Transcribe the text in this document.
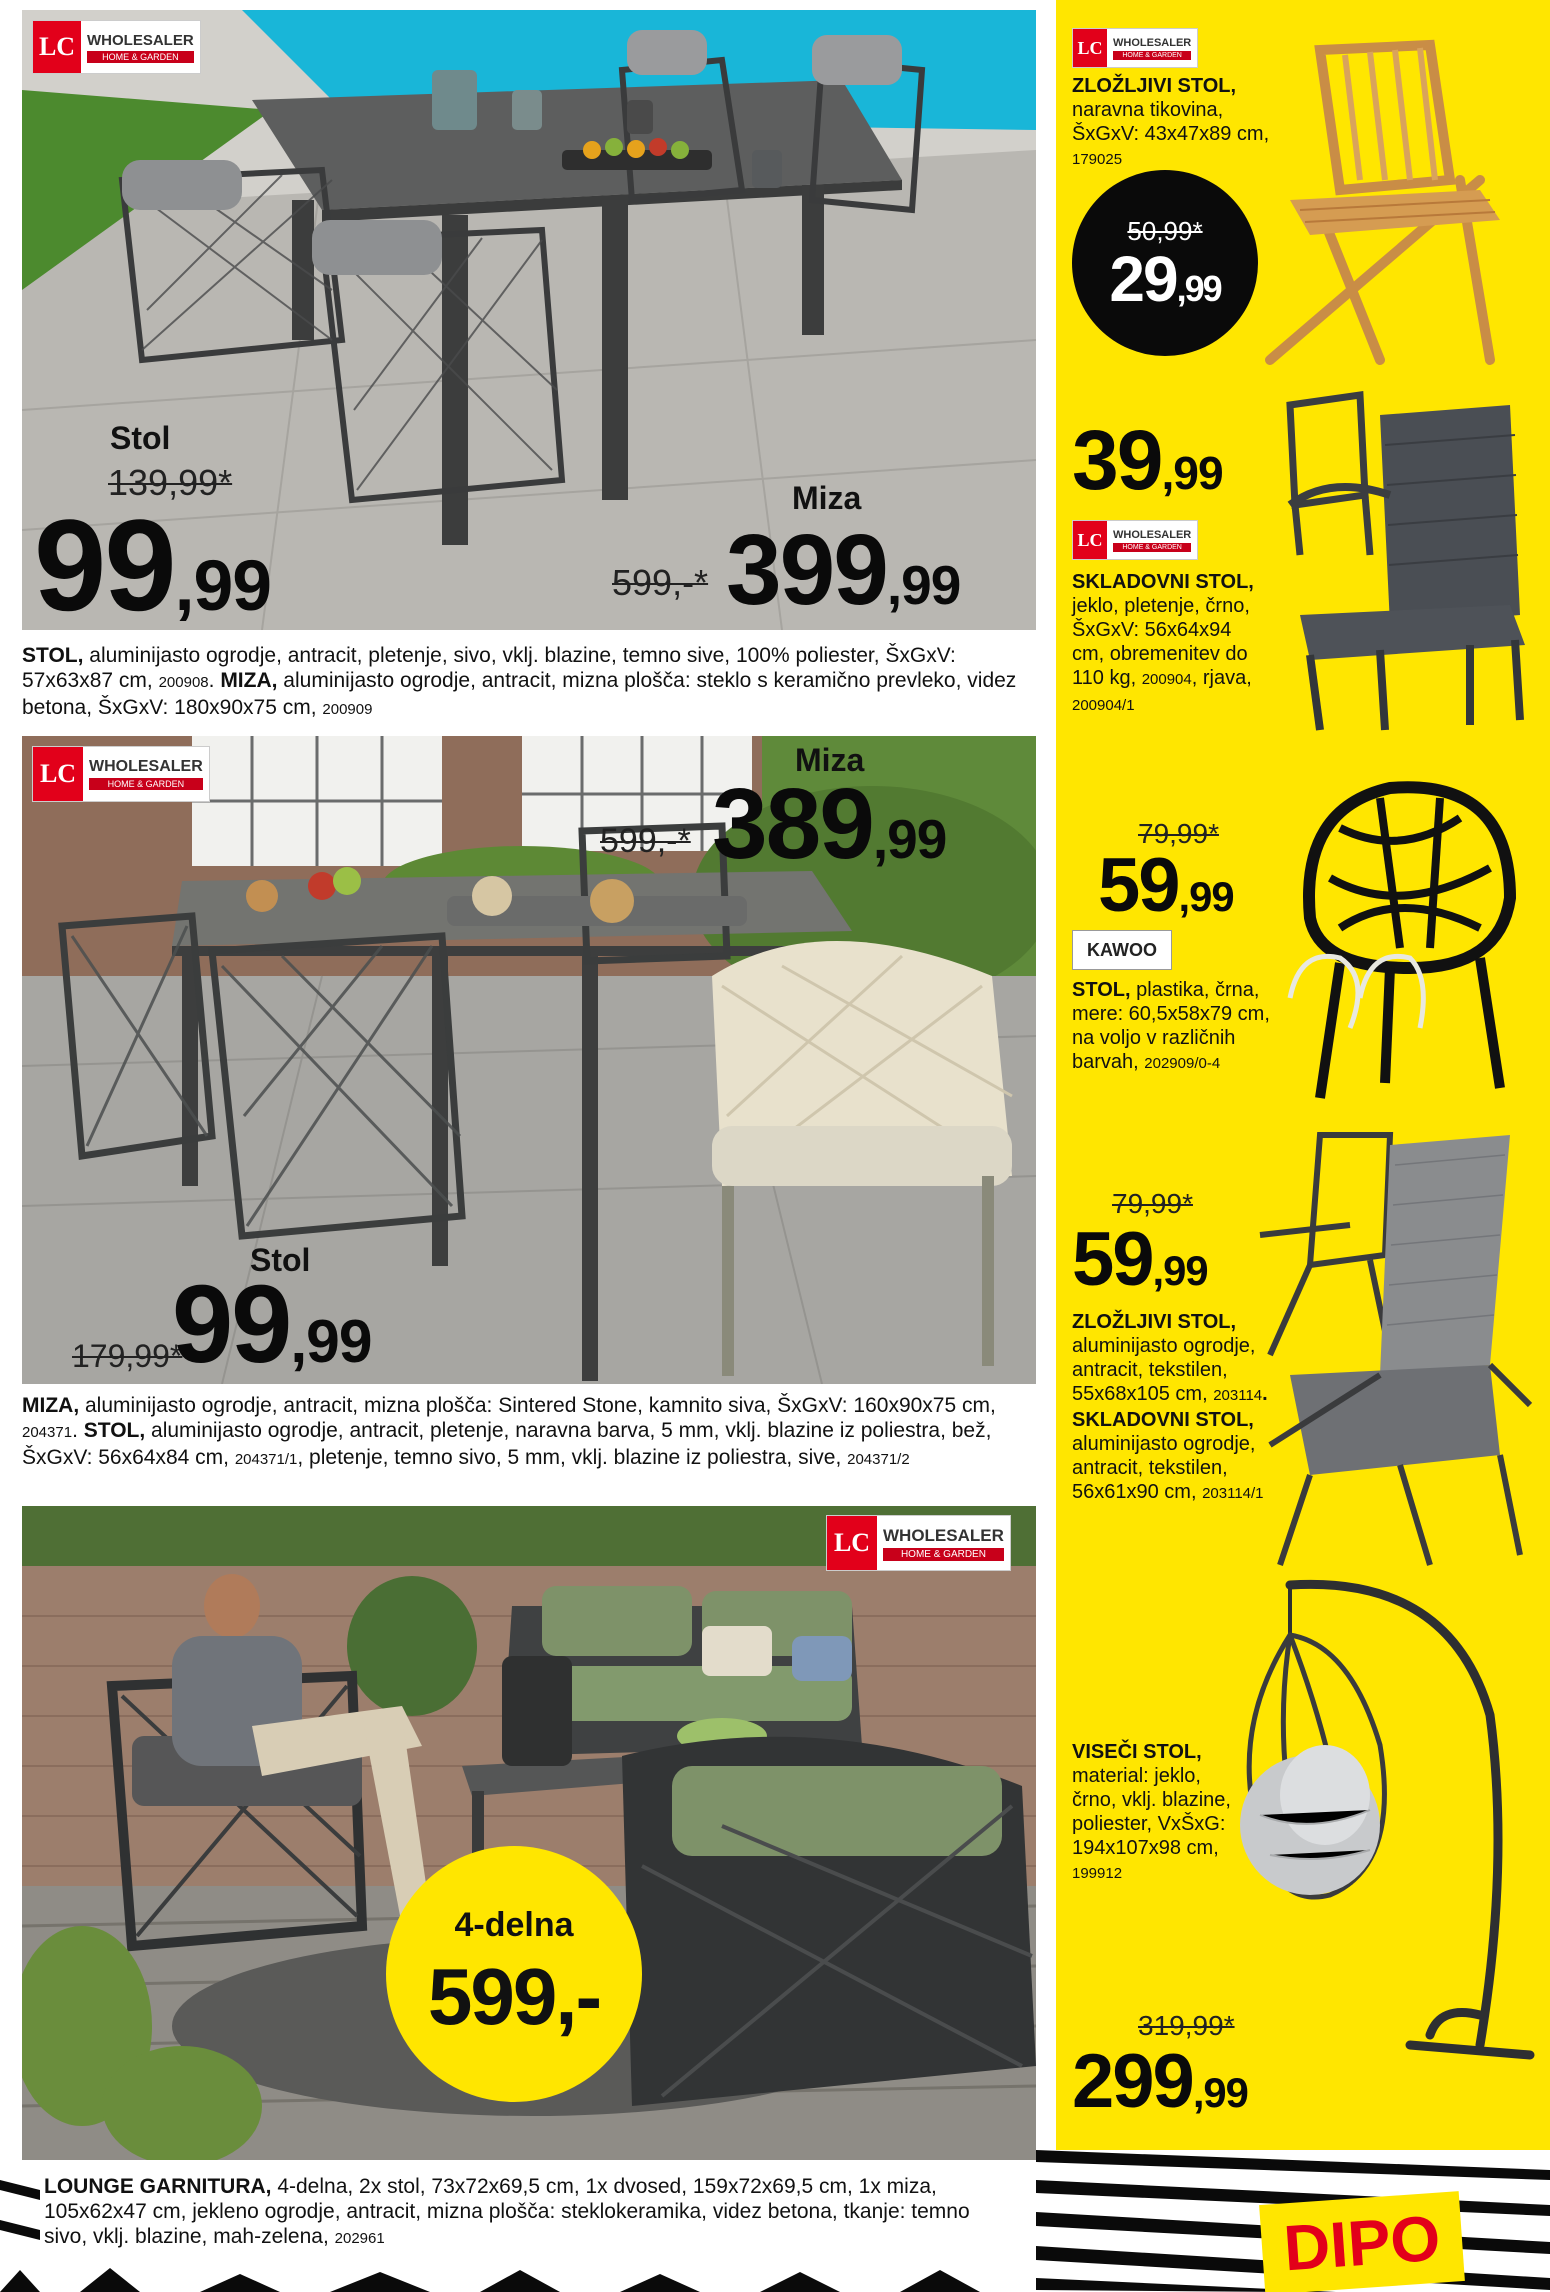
LC WHOLESALER
HOME & GARDEN
Stol
139,99*
99,99
Miza
599,-* 399,99
STOL, aluminijasto ogrodje, antracit, pletenje, sivo, vklj. blazine, temno sive, 100% poliester, ŠxGxV: 57x63x87 cm, 200908. MIZA, aluminijasto ogrodje, antracit, mizna plošča: steklo s keramično prevleko, videz betona, ŠxGxV: 180x90x75 cm, 200909
LC WHOLESALER
HOME & GARDEN
Miza
599,-* 389,99
Stol
179,99*
99,99
MIZA, aluminijasto ogrodje, antracit, mizna plošča: Sintered Stone, kamnito siva, ŠxGxV: 160x90x75 cm, 204371. STOL, aluminijasto ogrodje, antracit, pletenje, naravna barva, 5 mm, vklj. blazine iz poliestra, bež, ŠxGxV: 56x64x84 cm, 204371/1, pletenje, temno sivo, 5 mm, vklj. blazine iz poliestra, sive, 204371/2
LC WHOLESALER
HOME & GARDEN
4-delna
599,-
LC WHOLESALER
HOME & GARDEN
ZLOŽLJIVI STOL, naravna tikovina, ŠxGxV: 43x47x89 cm,
179025
50,99*
29,99
39,99
LC WHOLESALER
HOME & GARDEN
SKLADOVNI STOL, jeklo, pletenje, črno, ŠxGxV: 56x64x94 cm, obremenitev do 110 kg, 200904, rjava, 200904/1
79,99*
59,99
KAWOO
STOL, plastika, črna, mere: 60,5x58x79 cm, na voljo v različnih barvah, 202909/0-4
79,99*
59,99
ZLOŽLJIVI STOL, aluminijasto ogrodje, antracit, tekstilen, 55x68x105 cm, 203114. SKLADOVNI STOL, aluminijasto ogrodje, antracit, tekstilen, 56x61x90 cm, 203114/1
VISEČI STOL, material: jeklo, črno, vklj. blazine, poliester, VxŠxG: 194x107x98 cm, 199912
319,99*
299,99
DIPO
LOUNGE GARNITURA, 4-delna, 2x stol, 73x72x69,5 cm, 1x dvosed, 159x72x69,5 cm, 1x miza, 105x62x47 cm, jekleno ogrodje, antracit, mizna plošča: steklokeramika, videz betona, tkanje: temno sivo, vklj. blazine, mah-zelena, 202961
